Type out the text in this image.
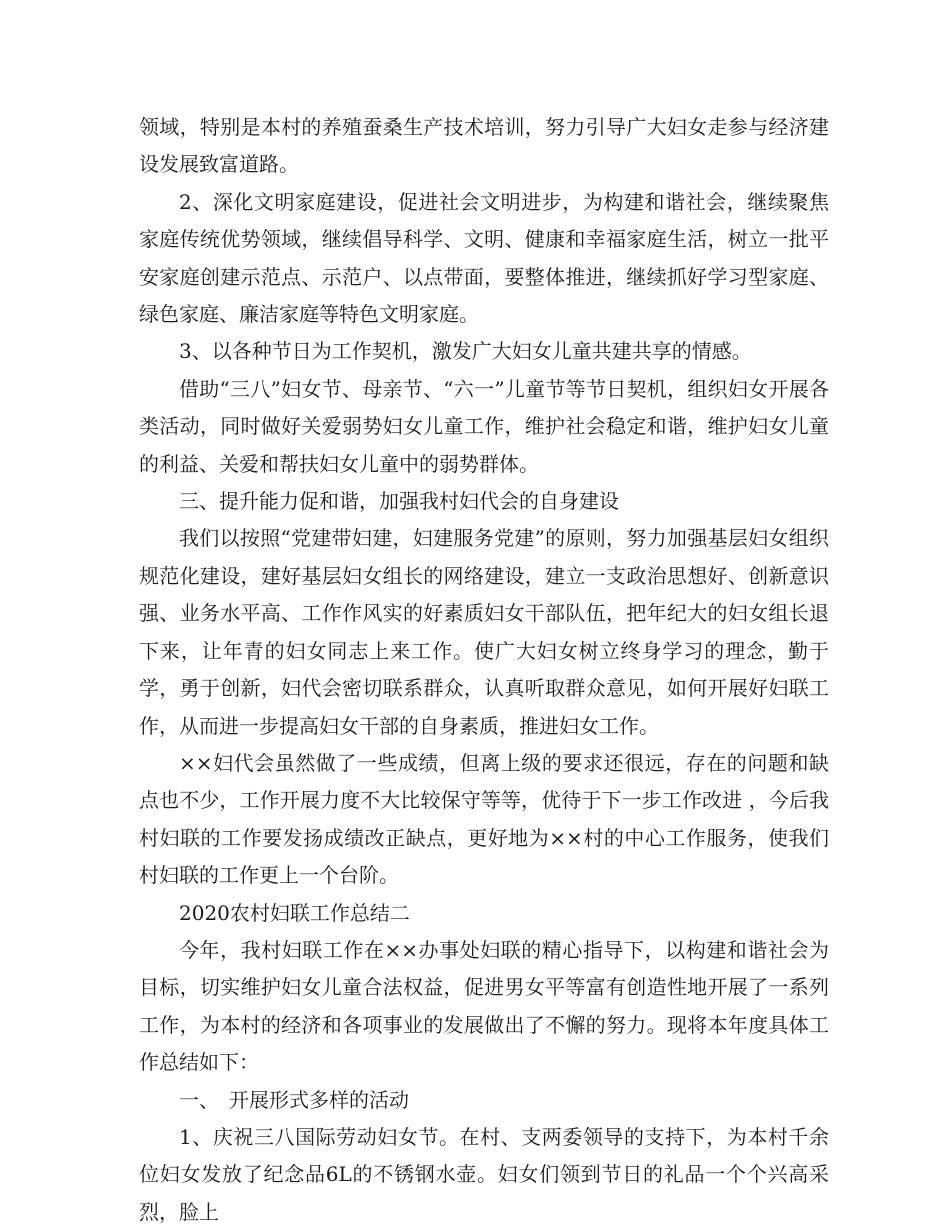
领域，特别是本村的养殖蚕桑生产技术培训，努力引导广大妇女走参与经济建设发展致富道路。

2、深化文明家庭建设，促进社会文明进步，为构建和谐社会，继续聚焦家庭传统优势领域，继续倡导科学、文明、健康和幸福家庭生活，树立一批平安家庭创建示范点、示范户、以点带面，要整体推进，继续抓好学习型家庭、绿色家庭、廉洁家庭等特色文明家庭。

3、以各种节日为工作契机，激发广大妇女儿童共建共享的情感。

借助“三八”妇女节、母亲节、“六一”儿童节等节日契机，组织妇女开展各类活动，同时做好关爱弱势妇女儿童工作，维护社会稳定和谐，维护妇女儿童的利益、关爱和帮扶妇女儿童中的弱势群体。

三、提升能力促和谐，加强我村妇代会的自身建设

我们以按照“党建带妇建，妇建服务党建”的原则，努力加强基层妇女组织规范化建设，建好基层妇女组长的网络建设，建立一支政治思想好、创新意识强、业务水平高、工作作风实的好素质妇女干部队伍，把年纪大的妇女组长退下来，让年青的妇女同志上来工作。使广大妇女树立终身学习的理念，勤于学，勇于创新，妇代会密切联系群众，认真听取群众意见，如何开展好妇联工作，从而进一步提高妇女干部的自身素质，推进妇女工作。

××妇代会虽然做了一些成绩，但离上级的要求还很远，存在的问题和缺点也不少，工作开展力度不大比较保守等等，优待于下一步工作改进 ，今后我村妇联的工作要发扬成绩改正缺点，更好地为××村的中心工作服务，使我们村妇联的工作更上一个台阶。

2020农村妇联工作总结二

今年，我村妇联工作在××办事处妇联的精心指导下，以构建和谐社会为目标，切实维护妇女儿童合法权益，促进男女平等富有创造性地开展了一系列工作，为本村的经济和各项事业的发展做出了不懈的努力。现将本年度具体工作总结如下：

一、　开展形式多样的活动

1、庆祝三八国际劳动妇女节。在村、支两委领导的支持下，为本村千余位妇女发放了纪念品6L的不锈钢水壶。妇女们领到节日的礼品一个个兴高采烈，脸上
